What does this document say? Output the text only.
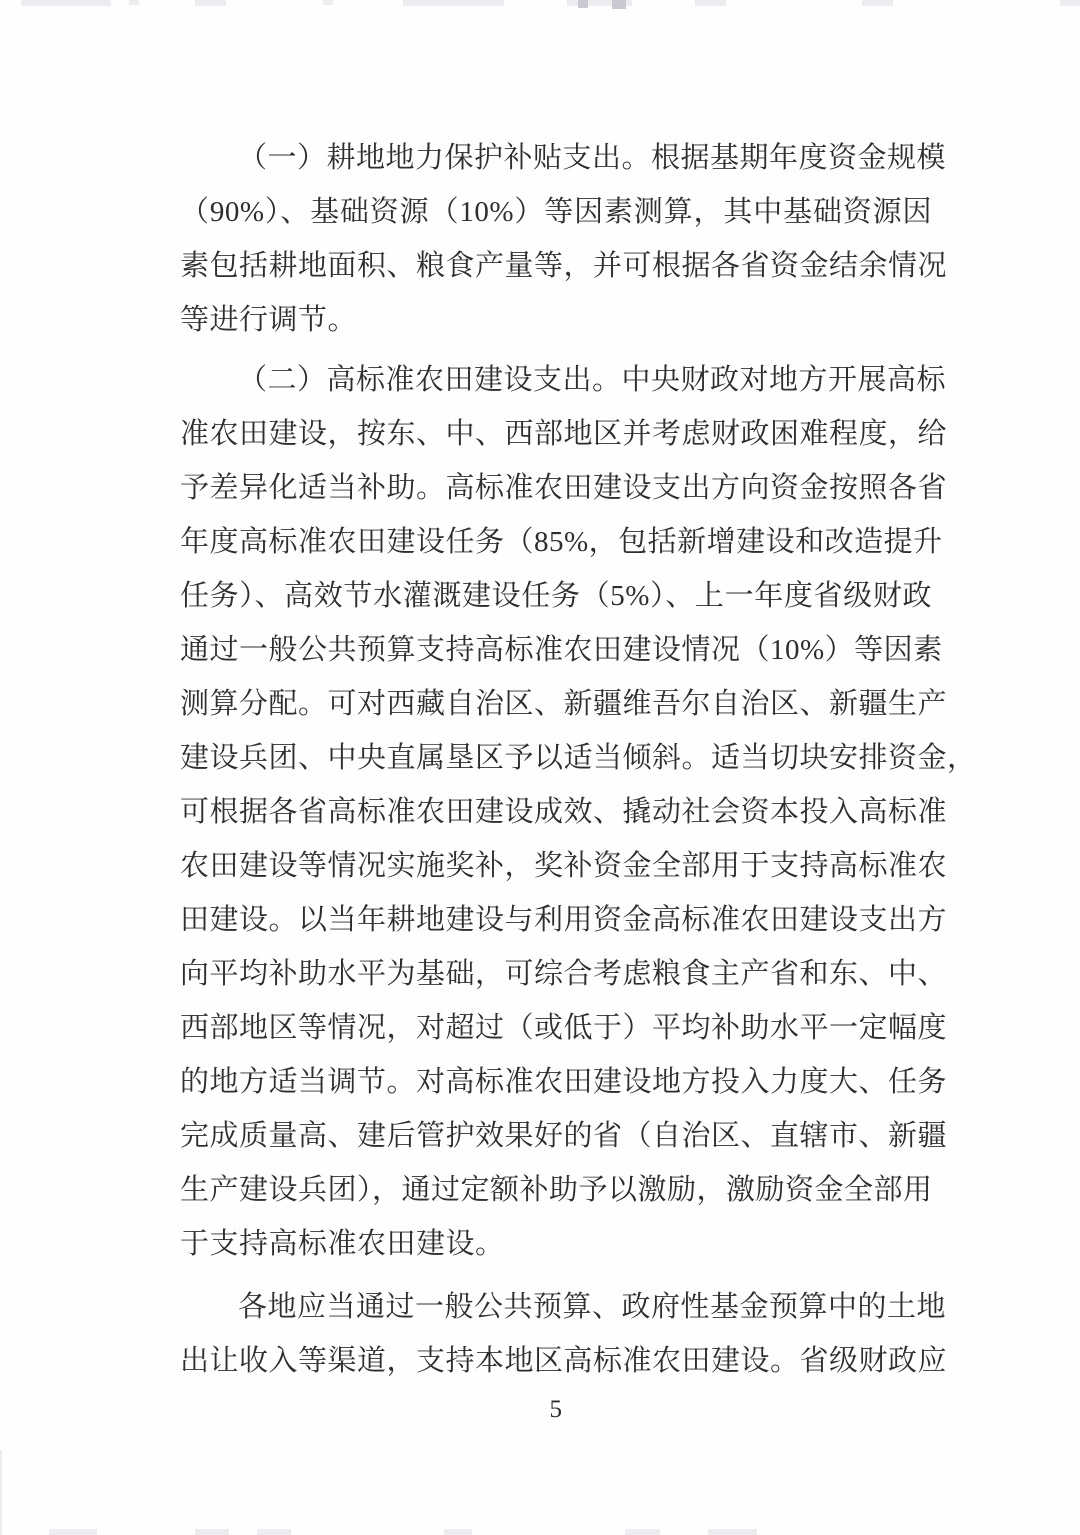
（一）耕地地力保护补贴支出。根据基期年度资金规模
（90%）、基础资源（10%）等因素测算，其中基础资源因
素包括耕地面积、粮食产量等，并可根据各省资金结余情况
等进行调节。
（二）高标准农田建设支出。中央财政对地方开展高标
准农田建设，按东、中、西部地区并考虑财政困难程度，给
予差异化适当补助。高标准农田建设支出方向资金按照各省
年度高标准农田建设任务（85%，包括新增建设和改造提升
任务）、高效节水灌溉建设任务（5%）、上一年度省级财政
通过一般公共预算支持高标准农田建设情况（10%）等因素
测算分配。可对西藏自治区、新疆维吾尔自治区、新疆生产
建设兵团、中央直属垦区予以适当倾斜。适当切块安排资金，
可根据各省高标准农田建设成效、撬动社会资本投入高标准
农田建设等情况实施奖补，奖补资金全部用于支持高标准农
田建设。以当年耕地建设与利用资金高标准农田建设支出方
向平均补助水平为基础，可综合考虑粮食主产省和东、中、
西部地区等情况，对超过（或低于）平均补助水平一定幅度
的地方适当调节。对高标准农田建设地方投入力度大、任务
完成质量高、建后管护效果好的省（自治区、直辖市、新疆
生产建设兵团），通过定额补助予以激励，激励资金全部用
于支持高标准农田建设。
各地应当通过一般公共预算、政府性基金预算中的土地
出让收入等渠道，支持本地区高标准农田建设。省级财政应
5
